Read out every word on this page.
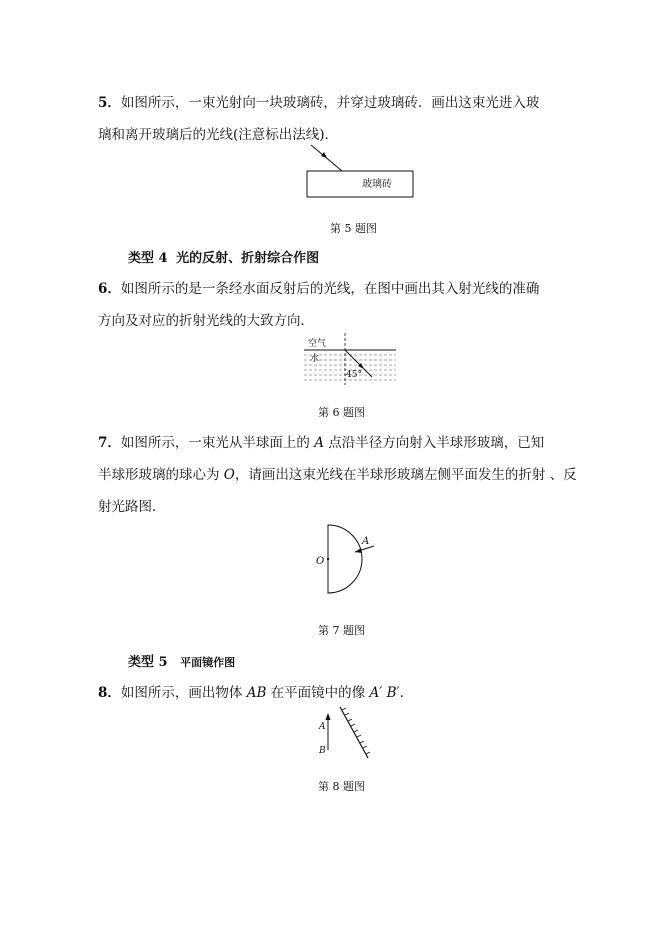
5．如图所示，一束光射向一块玻璃砖，并穿过玻璃砖．画出这束光进入玻
璃和离开玻璃后的光线(注意标出法线)．
玻璃砖
第 5 题图
类型 4 光的反射、折射综合作图
6．如图所示的是一条经水面反射后的光线，在图中画出其入射光线的准确
方向及对应的折射光线的大致方向．
空气
水
45°
第 6 题图
7．如图所示，一束光从半球面上的 A 点沿半径方向射入半球形玻璃，已知
半球形玻璃的球心为 O，请画出这束光线在半球形玻璃左侧平面发生的折射 、反
射光路图．
O
A
第 7 题图
类型 5 平面镜作图
8．如图所示，画出物体 AB 在平面镜中的像 A′ B′．
A
B
第 8 题图
